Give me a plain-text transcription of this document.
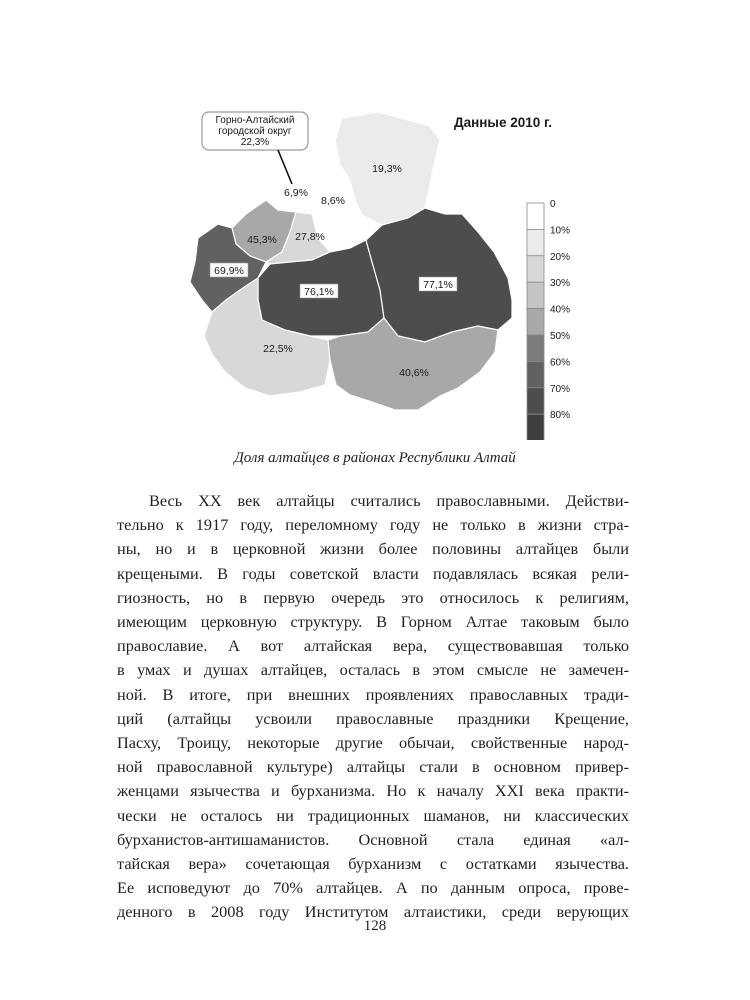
Горно-Алтайский
городской округ
22,3%
Данные 2010 г.
6,9%
8,6%
19,3%
45,3% 27,8%
69,9%
76,1%
77,1%
22,5%
40,6%
0
10%
20%
30%
40%
50%
60%
70%
80%
Доля алтайцев в районах Республики Алтай
Весь XX век алтайцы считались православными. Действи-
тельно к 1917 году, переломному году не только в жизни стра-
ны, но и в церковной жизни более половины алтайцев были
крещеными. В годы советской власти подавлялась всякая рели-
гиозность, но в первую очередь это относилось к религиям,
имеющим церковную структуру. В Горном Алтае таковым было
православие. А вот алтайская вера, существовавшая только
в умах и душах алтайцев, осталась в этом смысле не замечен-
ной. В итоге, при внешних проявлениях православных тради-
ций (алтайцы усвоили православные праздники Крещение,
Пасху, Троицу, некоторые другие обычаи, свойственные народ-
ной православной культуре) алтайцы стали в основном привер-
женцами язычества и бурханизма. Но к началу XXI века практи-
чески не осталось ни традиционных шаманов, ни классических
бурханистов-антишаманистов. Основной стала единая «ал-
тайская вера» сочетающая бурханизм с остатками язычества.
Ее исповедуют до 70% алтайцев. А по данным опроса, прове-
денного в 2008 году Институтом алтаистики, среди верующих
128
